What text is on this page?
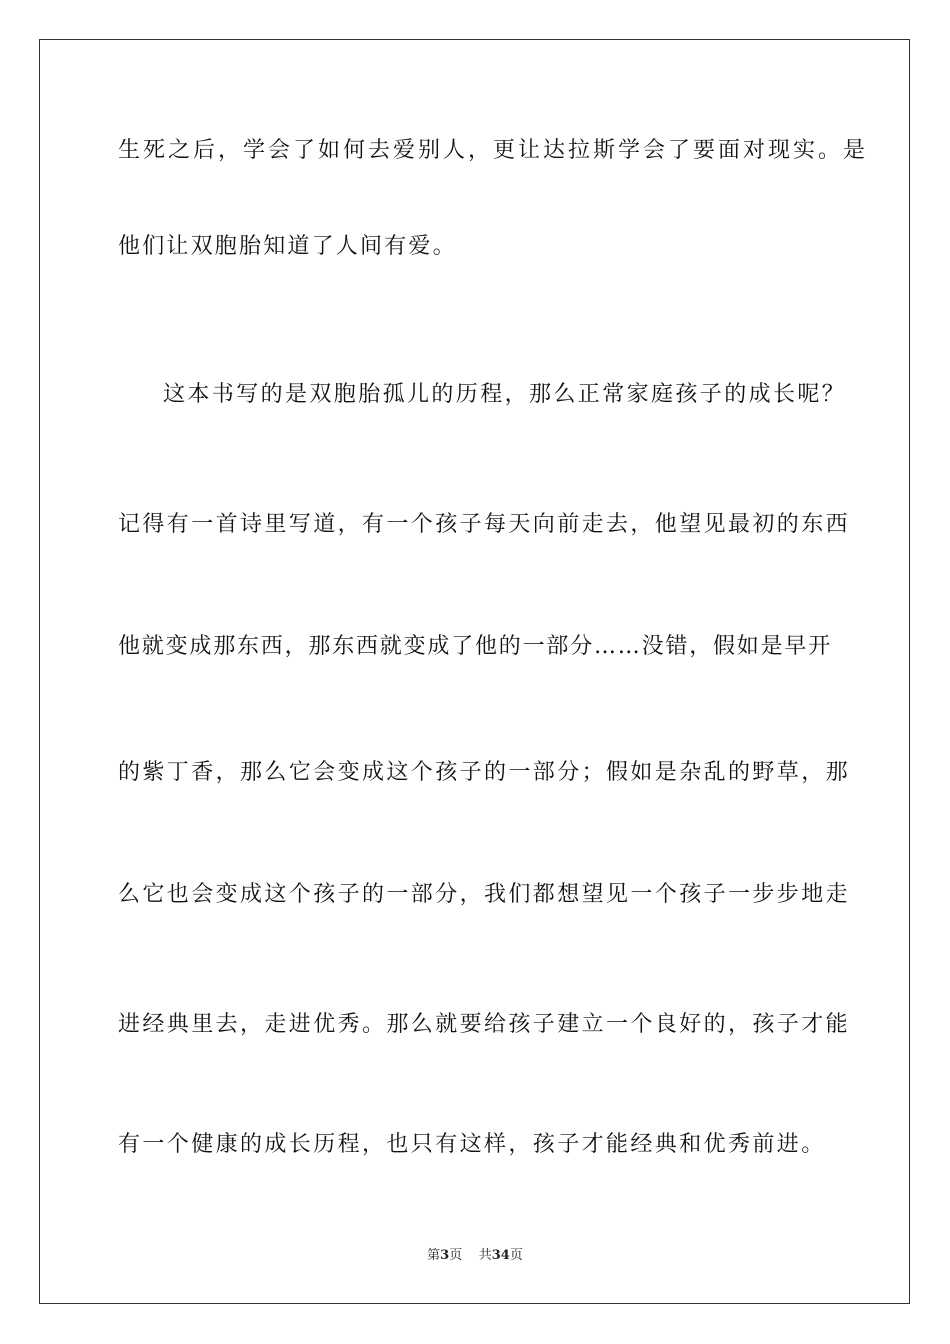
生死之后，学会了如何去爱别人，更让达拉斯学会了要面对现实。是
他们让双胞胎知道了人间有爱。
这本书写的是双胞胎孤儿的历程，那么正常家庭孩子的成长呢？
记得有一首诗里写道，有一个孩子每天向前走去，他望见最初的东西
他就变成那东西，那东西就变成了他的一部分……没错，假如是早开
的紫丁香，那么它会变成这个孩子的一部分；假如是杂乱的野草，那
么它也会变成这个孩子的一部分，我们都想望见一个孩子一步步地走
进经典里去，走进优秀。那么就要给孩子建立一个良好的，孩子才能
有一个健康的成长历程，也只有这样，孩子才能经典和优秀前进。
第3页 共34页
